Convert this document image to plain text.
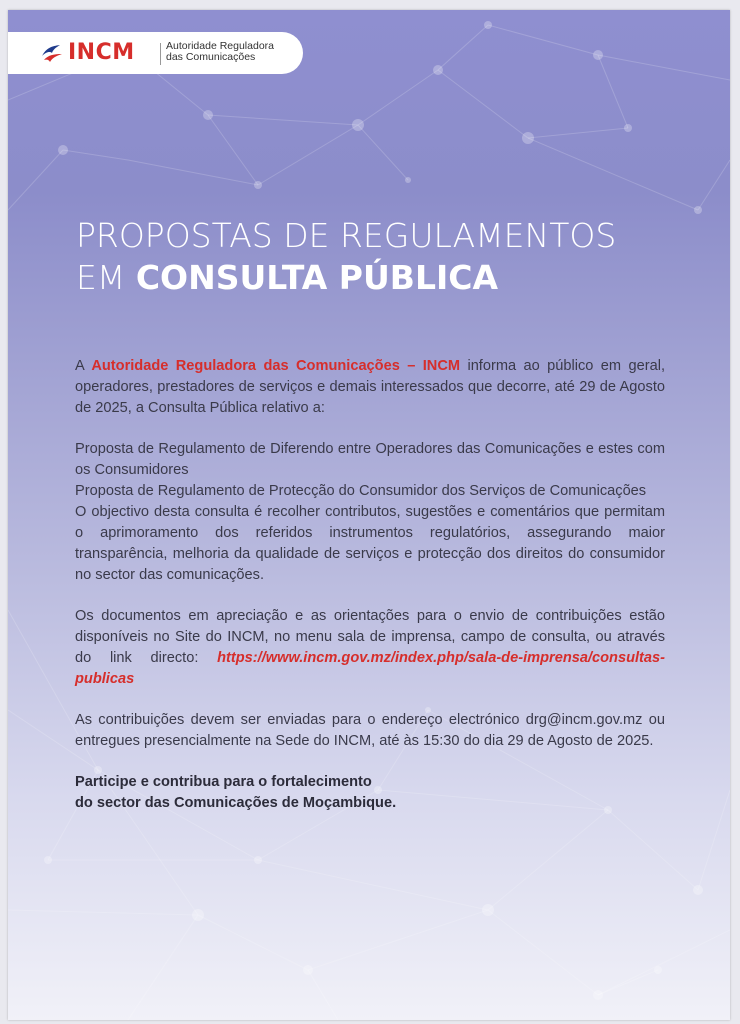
INCM	Autoridade Reguladora
das Comunicações
PROPOSTAS DE REGULAMENTOS
EM CONSULTA PÚBLICA

A Autoridade Reguladora das Comunicações – INCM informa ao público em geral, operadores, prestadores de serviços e demais interessados que decorre, até 29 de Agosto de 2025, a Consulta Pública relativo a:

Proposta de Regulamento de Diferendo entre Operadores das Comunicações e estes com os Consumidores
Proposta de Regulamento de Protecção do Consumidor dos Serviços de Comunicações
O objectivo desta consulta é recolher contributos, sugestões e comentários que permitam o aprimoramento dos referidos instrumentos regulatórios, assegurando maior transparência, melhoria da qualidade de serviços e protecção dos direitos do consumidor no sector das comunicações.

Os documentos em apreciação e as orientações para o envio de contribuições estão disponíveis no Site do INCM, no menu sala de imprensa, campo de consulta, ou através do link directo: https://www.incm.gov.mz/index.php/sala-de-imprensa/consultas-publicas

As contribuições devem ser enviadas para o endereço electrónico drg@incm.gov.mz ou entregues presencialmente na Sede do INCM, até às 15:30 do dia 29 de Agosto de 2025.

Participe e contribua para o fortalecimento
do sector das Comunicações de Moçambique.
